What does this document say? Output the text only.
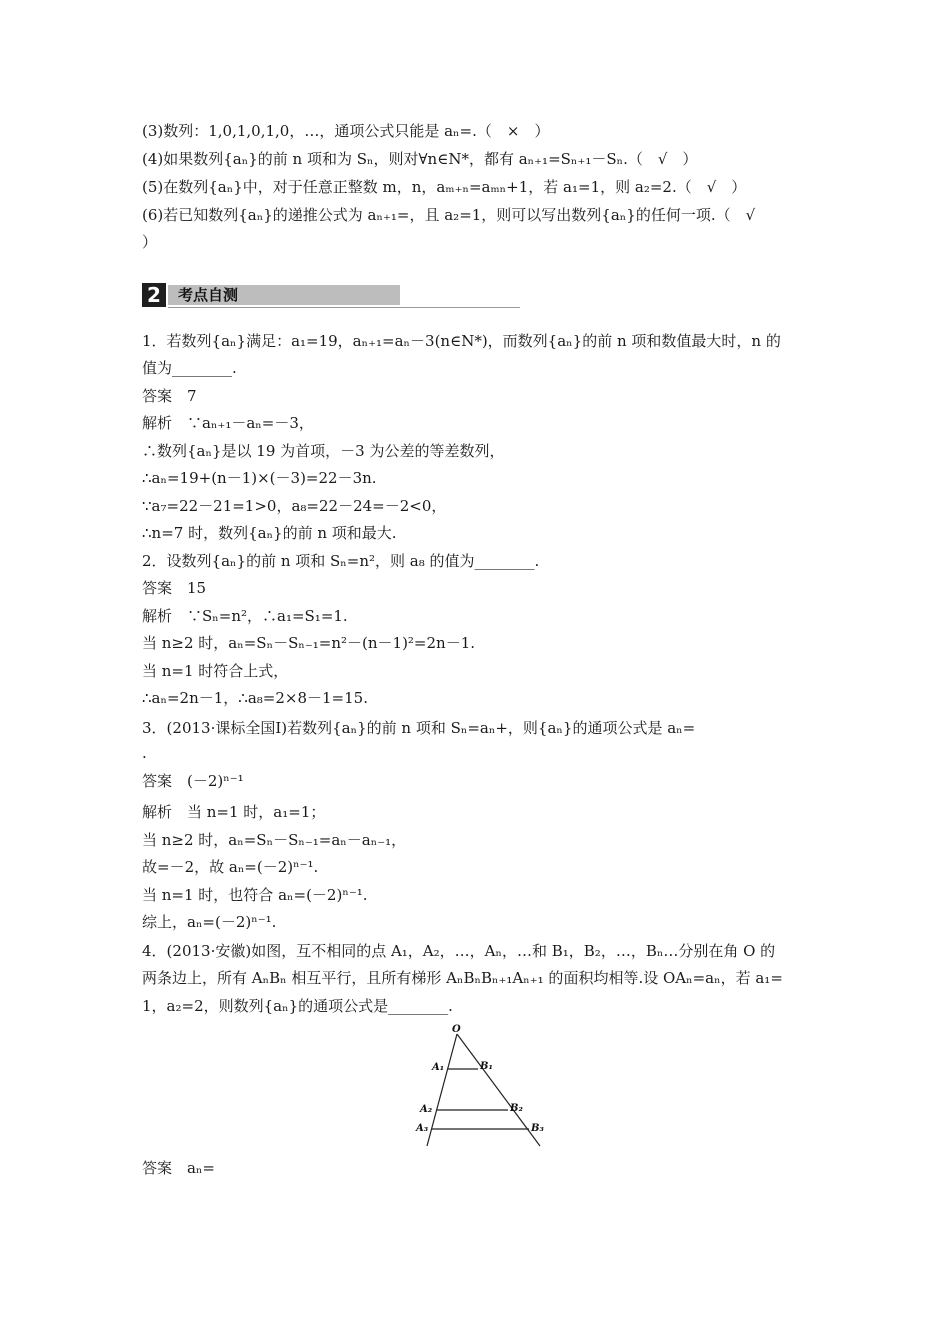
(3)数列：1,0,1,0,1,0，…，通项公式只能是 aₙ=.（　×　）
(4)如果数列{aₙ}的前 n 项和为 Sₙ，则对∀n∈N*，都有 aₙ₊₁=Sₙ₊₁－Sₙ.（　√　）
(5)在数列{aₙ}中，对于任意正整数 m，n，aₘ₊ₙ=aₘₙ+1，若 a₁=1，则 a₂=2.（　√　）
(6)若已知数列{aₙ}的递推公式为 aₙ₊₁=，且 a₂=1，则可以写出数列{aₙ}的任何一项.（　√
）
2	考点自测
1．若数列{aₙ}满足：a₁=19，aₙ₊₁=aₙ－3(n∈N*)，而数列{aₙ}的前 n 项和数值最大时，n 的
值为________.
答案　7
解析　∵aₙ₊₁－aₙ=－3，
∴数列{aₙ}是以 19 为首项，－3 为公差的等差数列，
∴aₙ=19+(n－1)×(－3)=22－3n.
∵a₇=22－21=1>0，a₈=22－24=－2<0，
∴n=7 时，数列{aₙ}的前 n 项和最大.
2．设数列{aₙ}的前 n 项和 Sₙ=n²，则 a₈ 的值为________.
答案　15
解析　∵Sₙ=n²，∴a₁=S₁=1.
当 n≥2 时，aₙ=Sₙ－Sₙ₋₁=n²－(n－1)²=2n－1.
当 n=1 时符合上式，
∴aₙ=2n－1，∴a₈=2×8－1=15.
3．(2013·课标全国Ⅰ)若数列{aₙ}的前 n 项和 Sₙ=aₙ+，则{aₙ}的通项公式是 aₙ=
.
答案　(－2)ⁿ⁻¹
解析　当 n=1 时，a₁=1；
当 n≥2 时，aₙ=Sₙ－Sₙ₋₁=aₙ－aₙ₋₁，
故=－2，故 aₙ=(－2)ⁿ⁻¹.
当 n=1 时，也符合 aₙ=(－2)ⁿ⁻¹.
综上，aₙ=(－2)ⁿ⁻¹.
4．(2013·安徽)如图，互不相同的点 A₁，A₂，…，Aₙ，…和 B₁，B₂，…，Bₙ…分别在角 O 的
两条边上，所有 AₙBₙ 相互平行，且所有梯形 AₙBₙBₙ₊₁Aₙ₊₁ 的面积均相等.设 OAₙ=aₙ，若 a₁=
1，a₂=2，则数列{aₙ}的通项公式是________.
O
A₁	B₁
A₂	B₂
A₃	B₃
答案　aₙ=
